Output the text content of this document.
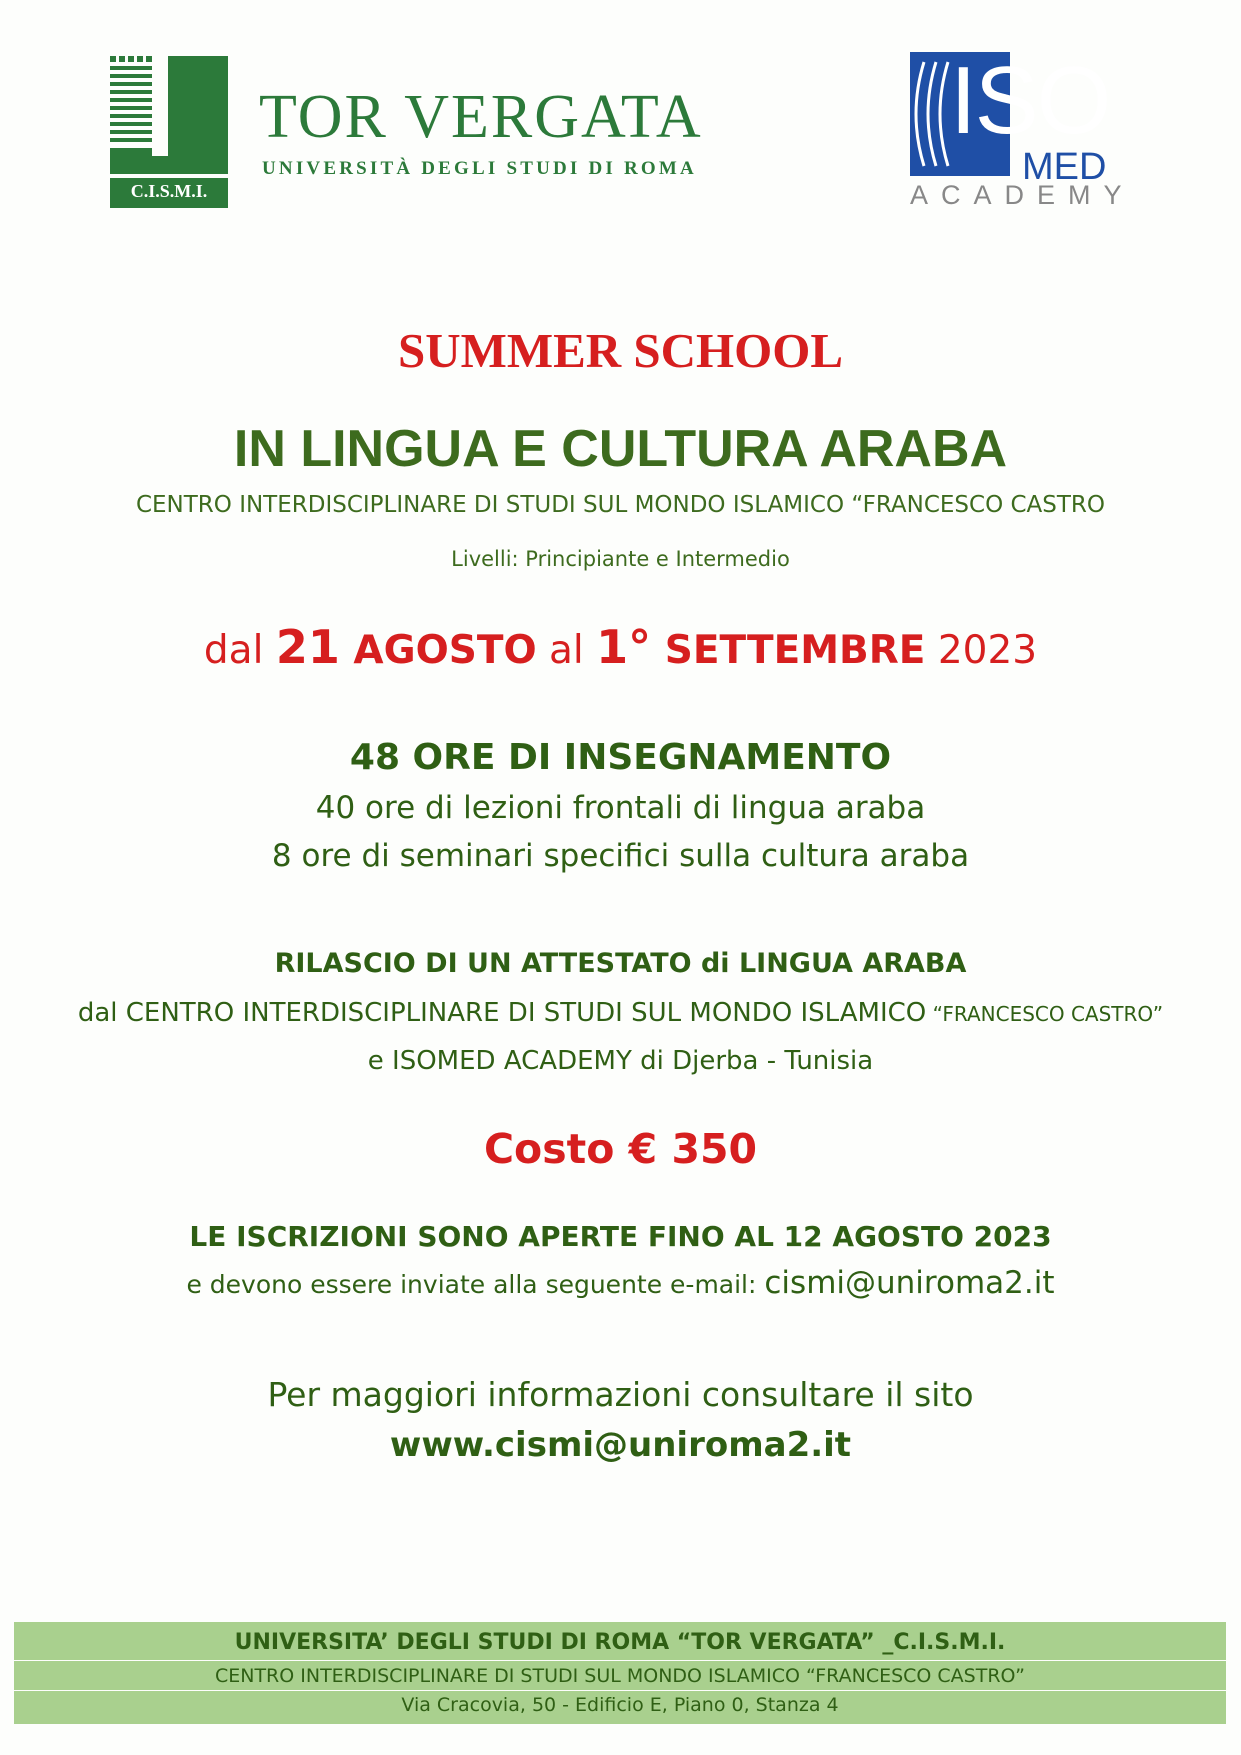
C.I.S.M.I.
TOR VERGATA
UNIVERSITÀ DEGLI STUDI DI ROMA
ISO
MED
ACADEMY
SUMMER SCHOOL
IN LINGUA E CULTURA ARABA
CENTRO INTERDISCIPLINARE DI STUDI SUL MONDO ISLAMICO “FRANCESCO CASTRO
Livelli: Principiante e Intermedio
dal 21 AGOSTO al 1° SETTEMBRE 2023
48 ORE DI INSEGNAMENTO
40 ore di lezioni frontali di lingua araba
8 ore di seminari specifici sulla cultura araba
RILASCIO DI UN ATTESTATO di LINGUA ARABA
dal CENTRO INTERDISCIPLINARE DI STUDI SUL MONDO ISLAMICO “FRANCESCO CASTRO”
e ISOMED ACADEMY di Djerba - Tunisia
Costo € 350
LE ISCRIZIONI SONO APERTE FINO AL 12 AGOSTO 2023
e devono essere inviate alla seguente e-mail: cismi@uniroma2.it
Per maggiori informazioni consultare il sito
www.cismi@uniroma2.it
UNIVERSITA’ DEGLI STUDI DI ROMA “TOR VERGATA” _C.I.S.M.I.
CENTRO INTERDISCIPLINARE DI STUDI SUL MONDO ISLAMICO “FRANCESCO CASTRO”
Via Cracovia, 50 - Edificio E, Piano 0, Stanza 4
